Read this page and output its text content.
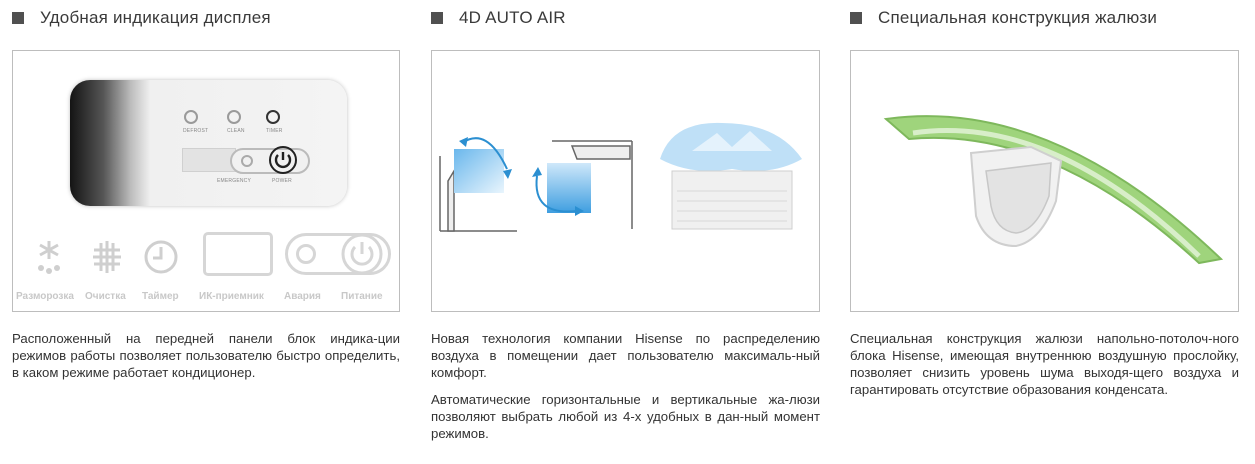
Удобная индикация дисплея
DEFROST	CLEAN	TIMER
EMERGENCY	POWER
Разморозка Очистка Таймер ИК-приемник Авария Питание

Расположенный на передней панели блок индика-ции режимов работы позволяет пользователю быстро определить, в каком режиме работает кондиционер.

4D AUTO AIR

Новая технология компании Hisense по распределению воздуха в помещении дает пользователю максималь-ный комфорт.

Автоматические горизонтальные и вертикальные жа-люзи позволяют выбрать любой из 4-х удобных в дан-ный момент режимов.

Специальная конструкция жалюзи

Специальная конструкция жалюзи напольно-потолоч-ного блока Hisense, имеющая внутреннюю воздушную прослойку, позволяет снизить уровень шума выходя-щего воздуха и гарантировать отсутствие образования конденсата.
